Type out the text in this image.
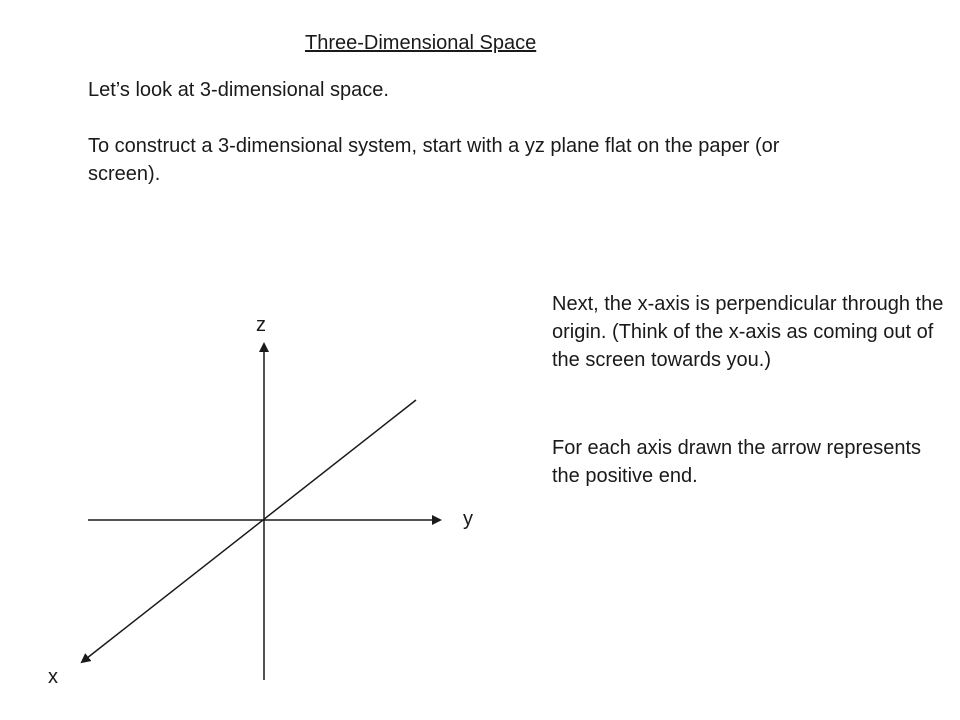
Three-Dimensional Space

Let’s look at 3-dimensional space.

To construct a 3-dimensional system, start with a yz plane flat on the paper (or screen).

Next, the x-axis is perpendicular through the origin. (Think of the x-axis as coming out of the screen towards you.)

For each axis drawn the arrow represents the positive end.

z
y
x
